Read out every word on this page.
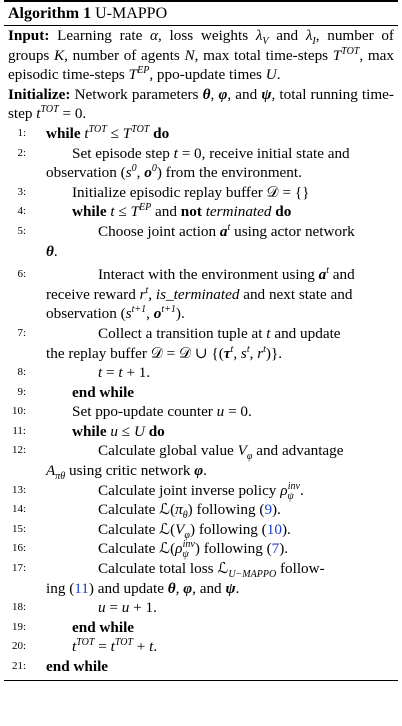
Algorithm 1 U-MAPPO
Input: Learning rate α, loss weights $\lambda_V$ and $\lambda_I$, number of groups K, number of agents N, max total time-steps $T^{TOT}$, max episodic time-steps $T^{EP}$, ppo-update times U.
Initialize: Network parameters θ, φ, and ψ, total running time-step $t^{TOT} = 0$.
1: while $t^{TOT} \le T^{TOT}$ do
2:	Set episode step t = 0, receive initial state and
observation ($s^0$, $o^0$) from the environment.
3:	Initialize episodic replay buffer 𝒟 = {}
4:	while $t \le T^{EP}$ and not terminated do
5:	Choose joint action $a^t$ using actor network
θ.
6:	Interact with the environment using $a^t$ and
receive reward $r^t$, is_terminated and next state and
observation ($s^{t+1}$, $o^{t+1}$).
7:	Collect a transition tuple at t and update
the replay buffer 𝒟 = 𝒟 ∪ {($\tau^t$, $s^t$, $r^t$)}.
8:	t = t + 1.
9:	end while
10:	Set ppo-update counter u = 0.
11:	while u ≤ U do
12:	Calculate global value $V_\varphi$ and advantage
$A_{\pi\theta}$ using critic network φ.
13:	Calculate joint inverse policy $\rho_\psi^{inv}$.
14:	Calculate $ℒ(\pi_\theta)$ following (9).
15:	Calculate $ℒ(V_\varphi)$ following (10).
16:	Calculate $ℒ(\rho_\psi^{inv})$ following (7).
17:	Calculate total loss ℒ$_{U-MAPPO}$ follow-
ing (11) and update θ, φ, and ψ.
18:	u = u + 1.
19:	end while
20:	$t^{TOT} = t^{TOT} + t$.
21: end while
